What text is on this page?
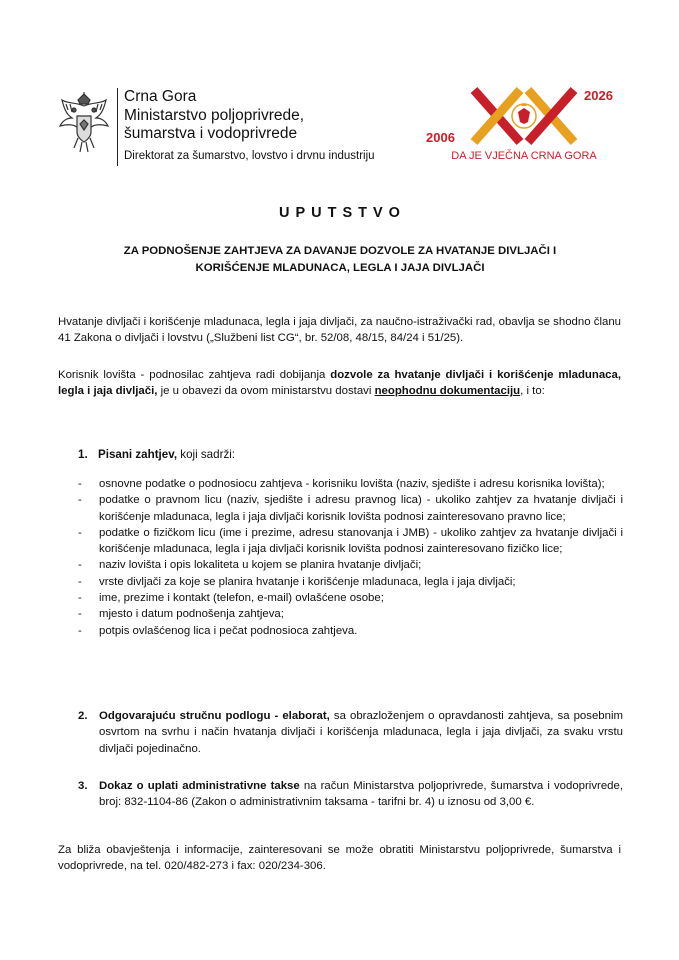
Crna Gora
Ministarstvo poljoprivrede,
šumarstva i vodoprivrede
Direktorat za šumarstvo, lovstvo i drvnu industriju
2006
2026
DA JE VJEČNA CRNA GORA
UPUTSTVO
ZA PODNOŠENJE ZAHTJEVA ZA DAVANJE DOZVOLE ZA HVATANJE DIVLJAČI I
KORIŠĆENJE MLADUNACA, LEGLA I JAJA DIVLJAČI
Hvatanje divljači i korišćenje mladunaca, legla i jaja divljači, za naučno-istraživački rad, obavlja se shodno članu 41 Zakona o divljači i lovstvu („Službeni list CG“, br. 52/08, 48/15, 84/24 i 51/25).
Korisnik lovišta - podnosilac zahtjeva radi dobijanja dozvole za hvatanje divljači i korišćenje mladunaca, legla i jaja divljači, je u obavezi da ovom ministarstvu dostavi neophodnu dokumentaciju, i to:
1. Pisani zahtjev, koji sadrži:
- osnovne podatke o podnosiocu zahtjeva - korisniku lovišta (naziv, sjedište i adresu korisnika lovišta);
- podatke o pravnom licu (naziv, sjedište i adresu pravnog lica) - ukoliko zahtjev za hvatanje divljači i korišćenje mladunaca, legla i jaja divljači korisnik lovišta podnosi zainteresovano pravno lice;
- podatke o fizičkom licu (ime i prezime, adresu stanovanja i JMB) - ukoliko zahtjev za hvatanje divljači i korišćenje mladunaca, legla i jaja divljači korisnik lovišta podnosi zainteresovano fizičko lice;
- naziv lovišta i opis lokaliteta u kojem se planira hvatanje divljači;
- vrste divljači za koje se planira hvatanje i korišćenje mladunaca, legla i jaja divljači;
- ime, prezime i kontakt (telefon, e-mail) ovlašćene osobe;
- mjesto i datum podnošenja zahtjeva;
- potpis ovlašćenog lica i pečat podnosioca zahtjeva.
2.	Odgovarajuću stručnu podlogu - elaborat, sa obrazloženjem o opravdanosti zahtjeva, sa posebnim osvrtom na svrhu i način hvatanja divljači i korišćenja mladunaca, legla i jaja divljači, za svaku vrstu divljači pojedinačno.
3.	Dokaz o uplati administrativne takse na račun Ministarstva poljoprivrede, šumarstva i vodoprivrede, broj: 832-1104-86 (Zakon o administrativnim taksama - tarifni br. 4) u iznosu od 3,00 €.
Za bliža obavještenja i informacije, zainteresovani se može obratiti Ministarstvu poljoprivrede, šumarstva i vodoprivrede, na tel. 020/482-273 i fax: 020/234-306.
